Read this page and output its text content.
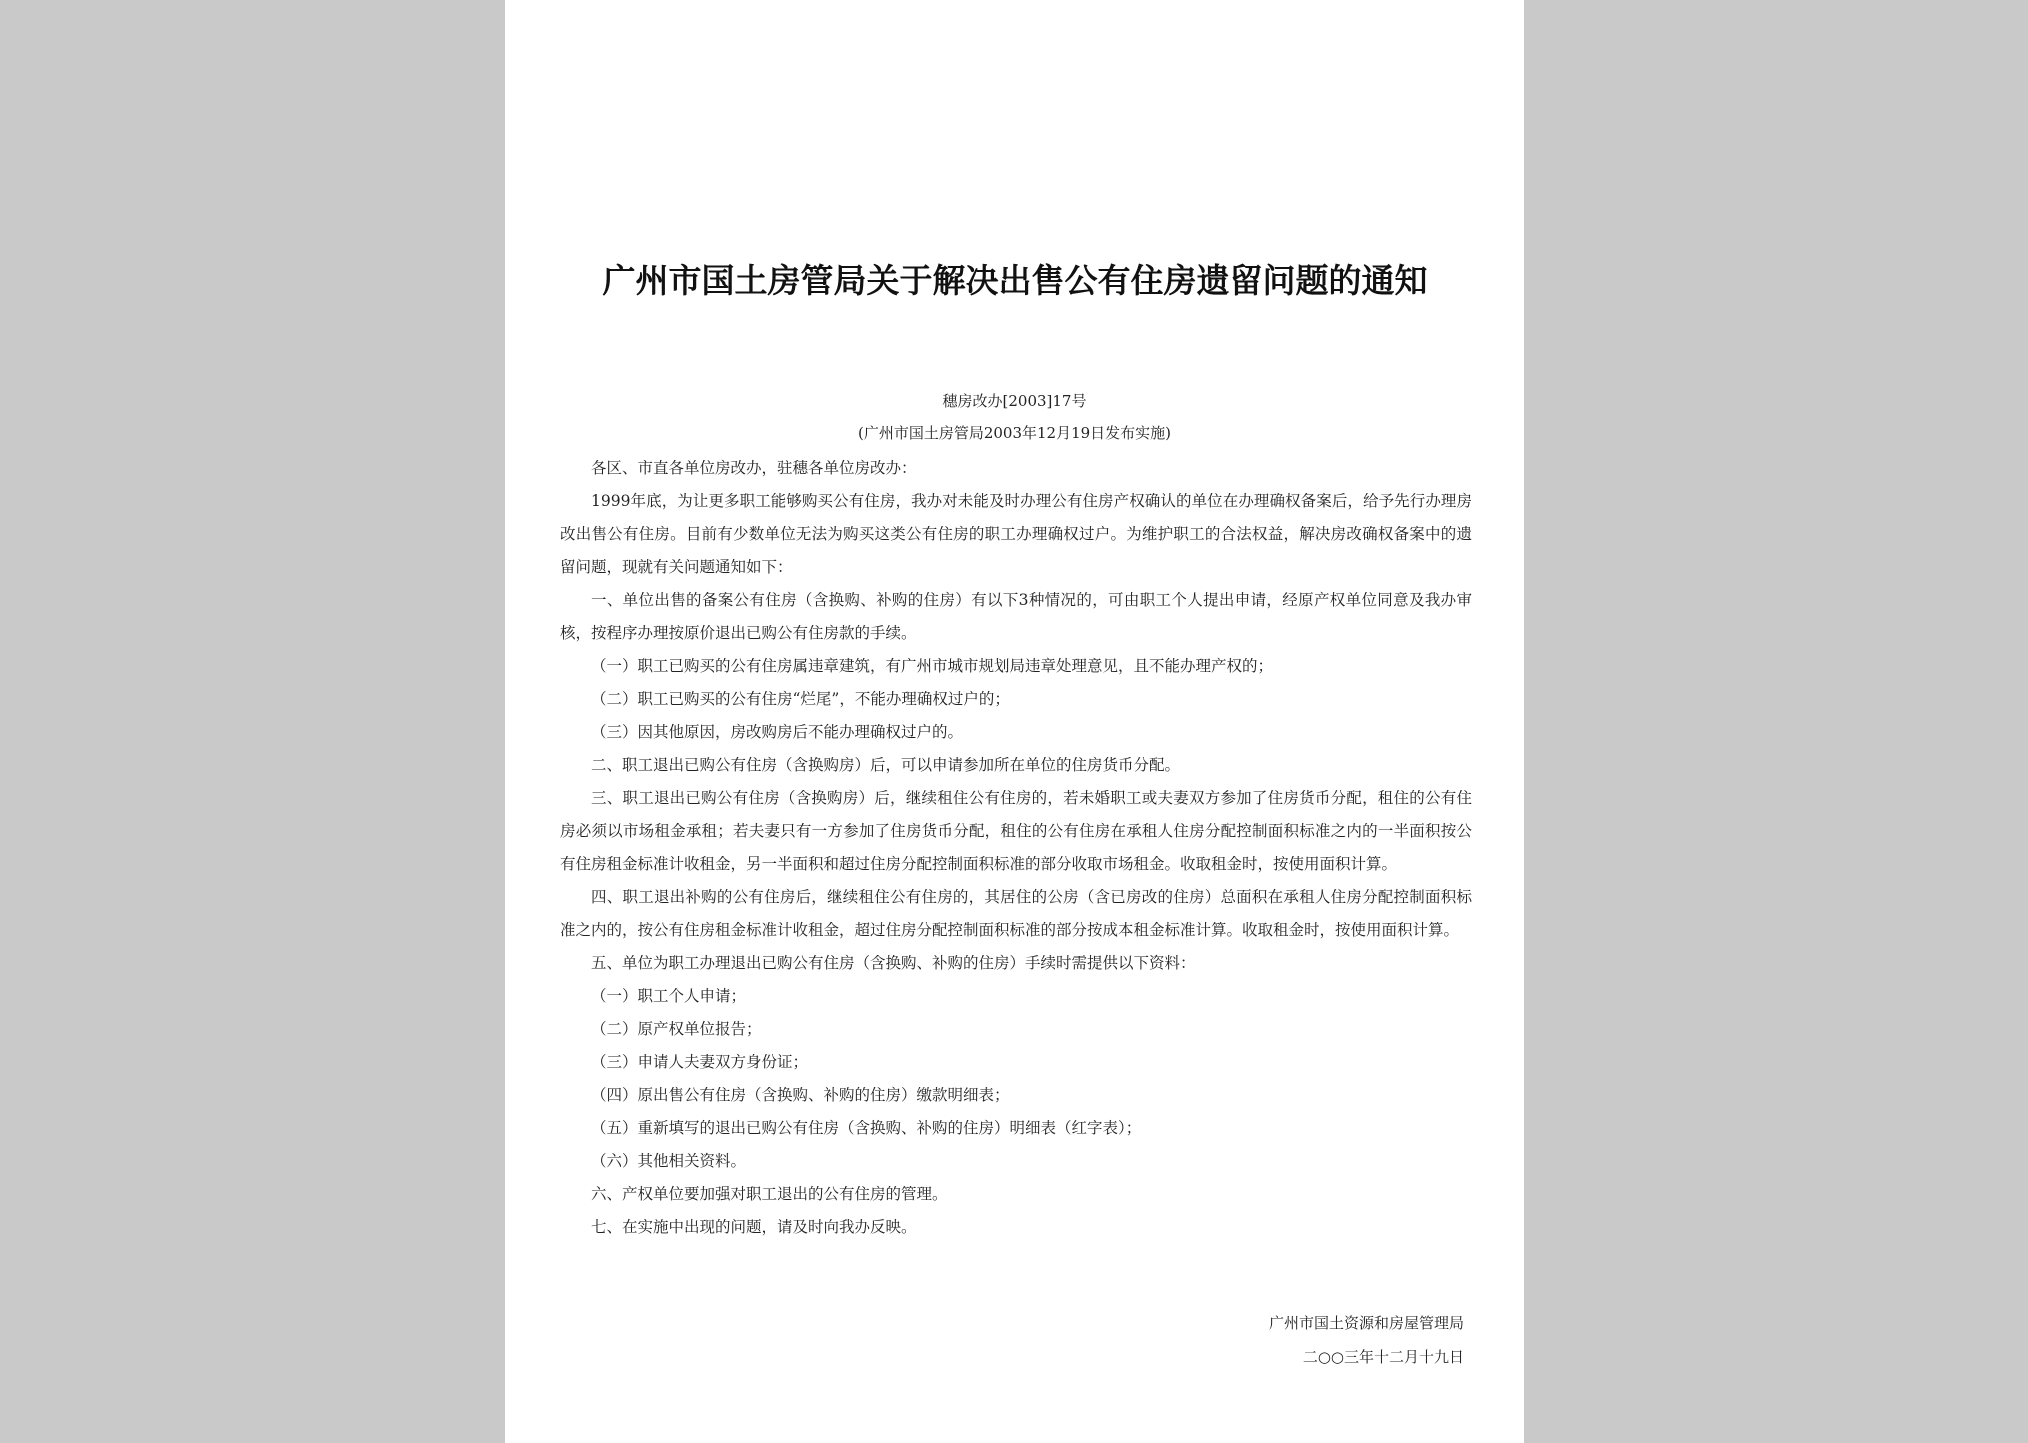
广州市国土房管局关于解决出售公有住房遗留问题的通知
穗房改办[2003]17号
(广州市国土房管局2003年12月19日发布实施)

各区、市直各单位房改办，驻穗各单位房改办：

1999年底，为让更多职工能够购买公有住房，我办对未能及时办理公有住房产权确认的单位在办理确权备案后，给予先行办理房改出售公有住房。目前有少数单位无法为购买这类公有住房的职工办理确权过户。为维护职工的合法权益，解决房改确权备案中的遗留问题，现就有关问题通知如下：

一、单位出售的备案公有住房（含换购、补购的住房）有以下3种情况的，可由职工个人提出申请，经原产权单位同意及我办审核，按程序办理按原价退出已购公有住房款的手续。

（一）职工已购买的公有住房属违章建筑，有广州市城市规划局违章处理意见，且不能办理产权的；

（二）职工已购买的公有住房“烂尾”，不能办理确权过户的；

（三）因其他原因，房改购房后不能办理确权过户的。

二、职工退出已购公有住房（含换购房）后，可以申请参加所在单位的住房货币分配。

三、职工退出已购公有住房（含换购房）后，继续租住公有住房的，若未婚职工或夫妻双方参加了住房货币分配，租住的公有住房必须以市场租金承租；若夫妻只有一方参加了住房货币分配，租住的公有住房在承租人住房分配控制面积标准之内的一半面积按公有住房租金标准计收租金，另一半面积和超过住房分配控制面积标准的部分收取市场租金。收取租金时，按使用面积计算。

四、职工退出补购的公有住房后，继续租住公有住房的，其居住的公房（含已房改的住房）总面积在承租人住房分配控制面积标准之内的，按公有住房租金标准计收租金，超过住房分配控制面积标准的部分按成本租金标准计算。收取租金时，按使用面积计算。

五、单位为职工办理退出已购公有住房（含换购、补购的住房）手续时需提供以下资料：

（一）职工个人申请；

（二）原产权单位报告；

（三）申请人夫妻双方身份证；

（四）原出售公有住房（含换购、补购的住房）缴款明细表；

（五）重新填写的退出已购公有住房（含换购、补购的住房）明细表（红字表）；

（六）其他相关资料。

六、产权单位要加强对职工退出的公有住房的管理。

七、在实施中出现的问题，请及时向我办反映。

广州市国土资源和房屋管理局
二○○三年十二月十九日
